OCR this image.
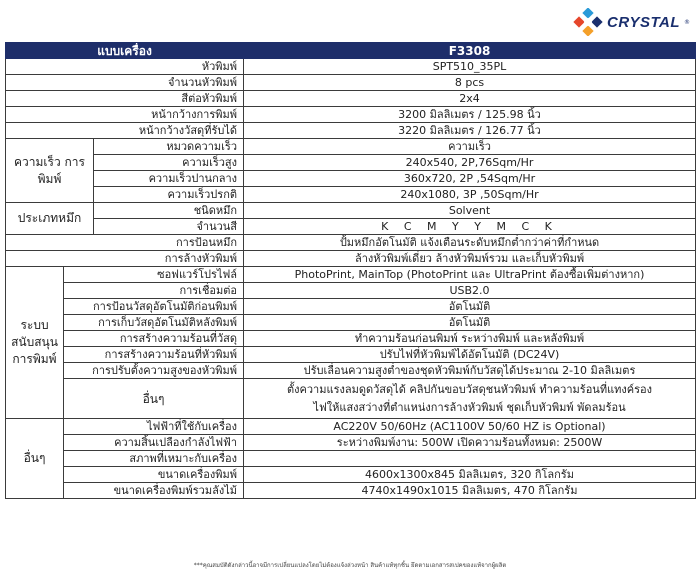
CRYSTAL ®
แบบเครื่อง			F3308
หัวพิมพ์			SPT510_35PL
จำนวนหัวพิมพ์			8 pcs
สีต่อหัวพิมพ์			2x4
หน้ากว้างการพิมพ์			3200 มิลลิเมตร / 125.98 นิ้ว
หน้ากว้างวัสดุที่รับได้			3220 มิลลิเมตร / 126.77 นิ้ว
ความเร็ว การพิมพ์		หมวดความเร็ว	ความเร็ว
		ความเร็วสูง	240x540, 2P,76Sqm/Hr
		ความเร็วปานกลาง	360x720, 2P ,54Sqm/Hr
		ความเร็วปรกติ	240x1080, 3P ,50Sqm/Hr
ประเภทหมึก		ชนิดหมึก	Solvent
		จำนวนสี	K C M Y Y M C K
การป้อนหมึก			ปั้มหมึกอัตโนมัติ แจ้งเตือนระดับหมึกต่ำกว่าค่าที่กำหนด
การล้างหัวพิมพ์			ล้างหัวพิมพ์เดี่ยว ล้างหัวพิมพ์รวม และเก็บหัวพิมพ์
ระบบ สนับสนุน การพิมพ์	ซอฟแวร์โปรไฟล์		PhotoPrint, MainTop (PhotoPrint และ UltraPrint ต้องซื้อเพิ่มต่างหาก)
	การเชื่อมต่อ		USB2.0
	การป้อนวัสดุอัตโนมัติก่อนพิมพ์		อัตโนมัติ
	การเก็บวัสดุอัตโนมัติหลังพิมพ์		อัตโนมัติ
	การสร้างความร้อนที่วัสดุ		ทำความร้อนก่อนพิมพ์ ระหว่างพิมพ์ และหลังพิมพ์
	การสร้างความร้อนที่หัวพิมพ์		ปรับไฟที่หัวพิมพ์ได้อัตโนมัติ (DC24V)
	การปรับตั้งความสูงของหัวพิมพ์		ปรับเลื่อนความสูงต่ำของชุดหัวพิมพ์กับวัสดุได้ประมาณ 2-10 มิลลิเมตร
	อื่นๆ		ตั้งความแรงลมดูดวัสดุได้ คลิปกันขอบวัสดุชนหัวพิมพ์ ทำความร้อนที่แทงค์รอง
ไฟให้แสงสว่างที่ตำแหน่งการล้างหัวพิมพ์ ชุดเก็บหัวพิมพ์ พัดลมร้อน

อื่นๆ	ไฟฟ้าที่ใช้กับเครื่อง		AC220V 50/60Hz (AC1100V 50/60 HZ is Optional)
	ความสิ้นเปลืองกำลังไฟฟ้า		ระหว่างพิมพ์งาน: 500W เปิดความร้อนทั้งหมด: 2500W
	สภาพที่เหมาะกับเครื่อง		
	ขนาดเครื่องพิมพ์		4600x1300x845 มิลลิเมตร, 320 กิโลกรัม
	ขนาดเครื่องพิมพ์รวมลังไม้		4740x1490x1015 มิลลิเมตร, 470 กิโลกรัม
***คุณสมบัติดังกล่าวนี้อาจมีการเปลี่ยนแปลงโดยไม่ต้องแจ้งล่วงหน้า สินค้าแท้ทุกชิ้น ยึดตามเอกสารสเปคของแท้จากผู้ผลิต
